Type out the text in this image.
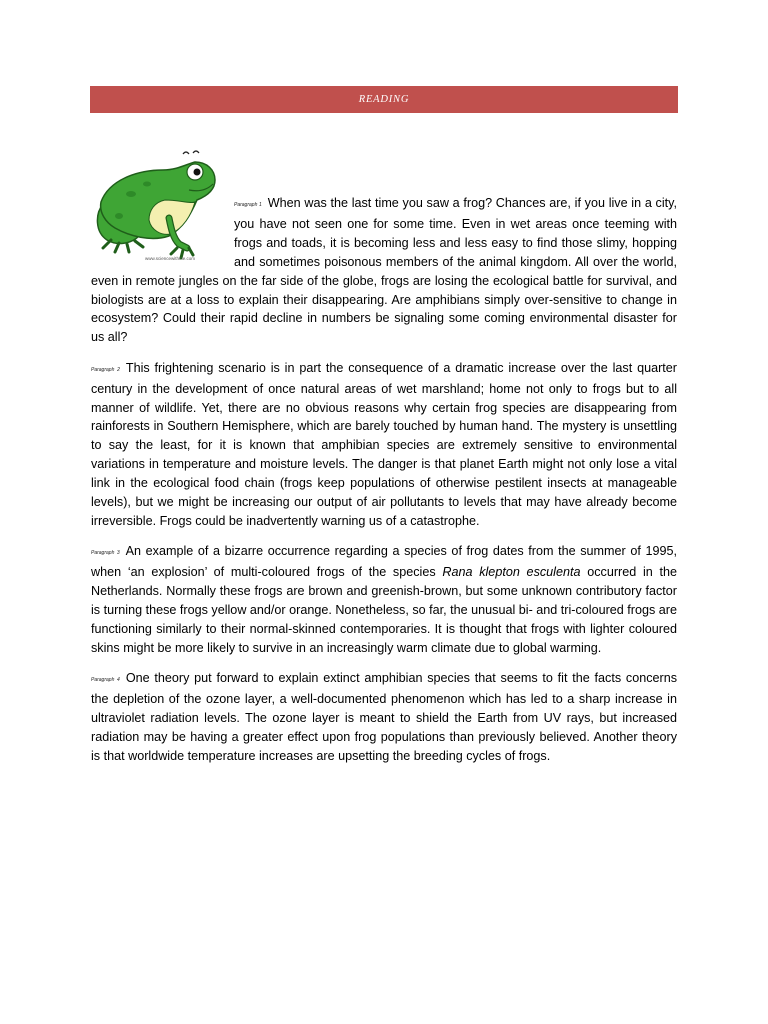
READING
www.sciencewithme.com

Paragraph 1 When was the last time you saw a frog? Chances are, if you live in a city, you have not seen one for some time. Even in wet areas once teeming with frogs and toads, it is becoming less and less easy to find those slimy, hopping and sometimes poisonous members of the animal kingdom. All over the world, even in remote jungles on the far side of the globe, frogs are losing the ecological battle for survival, and biologists are at a loss to explain their disappearing. Are amphibians simply over-sensitive to change in ecosystem? Could their rapid decline in numbers be signaling some coming environmental disaster for us all?

Paragraph 2 This frightening scenario is in part the consequence of a dramatic increase over the last quarter century in the development of once natural areas of wet marshland; home not only to frogs but to all manner of wildlife. Yet, there are no obvious reasons why certain frog species are disappearing from rainforests in Southern Hemisphere, which are barely touched by human hand. The mystery is unsettling to say the least, for it is known that amphibian species are extremely sensitive to environmental variations in temperature and moisture levels. The danger is that planet Earth might not only lose a vital link in the ecological food chain (frogs keep populations of otherwise pestilent insects at manageable levels), but we might be increasing our output of air pollutants to levels that may have already become irreversible. Frogs could be inadvertently warning us of a catastrophe.

Paragraph 3 An example of a bizarre occurrence regarding a species of frog dates from the summer of 1995, when ‘an explosion’ of multi-coloured frogs of the species Rana klepton esculenta occurred in the Netherlands. Normally these frogs are brown and greenish-brown, but some unknown contributory factor is turning these frogs yellow and/or orange. Nonetheless, so far, the unusual bi- and tri-coloured frogs are functioning similarly to their normal-skinned contemporaries. It is thought that frogs with lighter coloured skins might be more likely to survive in an increasingly warm climate due to global warming.

Paragraph 4 One theory put forward to explain extinct amphibian species that seems to fit the facts concerns the depletion of the ozone layer, a well-documented phenomenon which has led to a sharp increase in ultraviolet radiation levels. The ozone layer is meant to shield the Earth from UV rays, but increased radiation may be having a greater effect upon frog populations than previously believed. Another theory is that worldwide temperature increases are upsetting the breeding cycles of frogs.
